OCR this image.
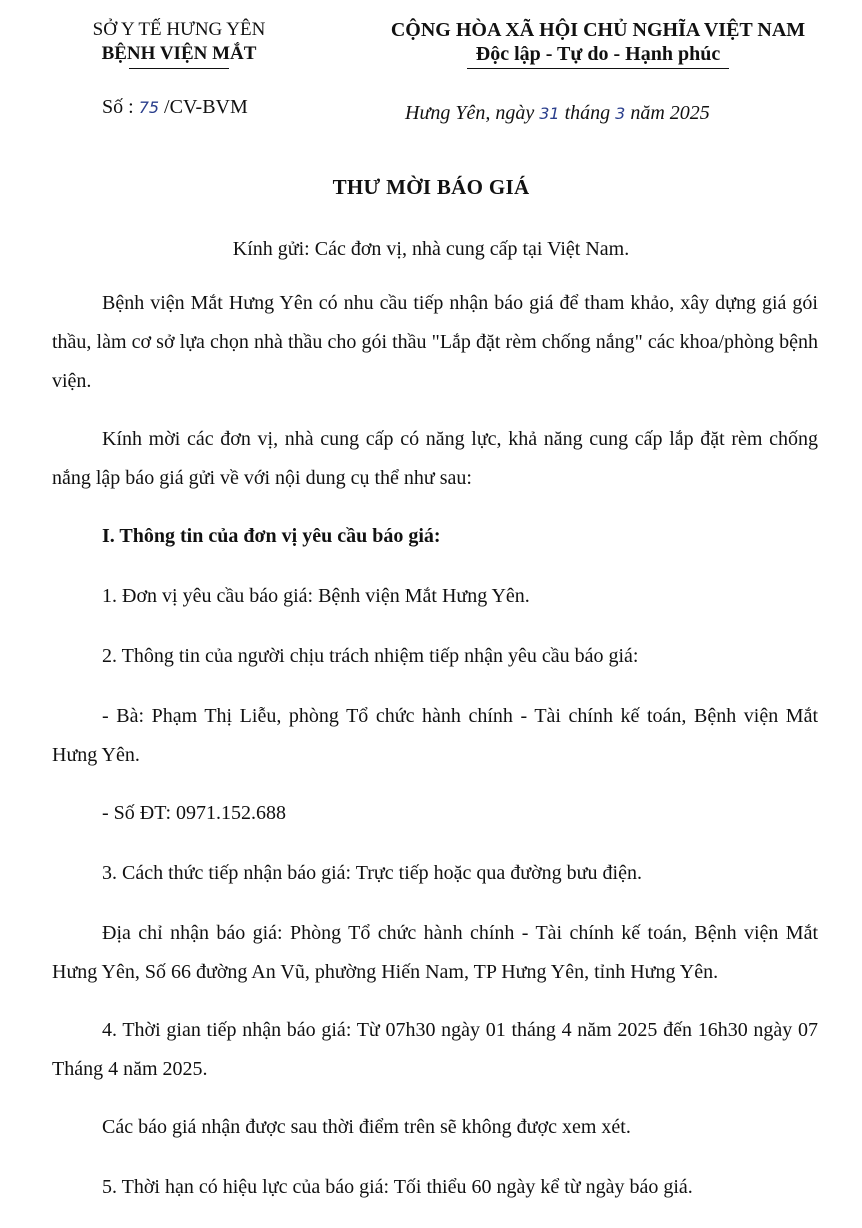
SỞ Y TẾ HƯNG YÊN
BỆNH VIỆN MẮT
CỘNG HÒA XÃ HỘI CHỦ NGHĨA VIỆT NAM
Độc lập - Tự do - Hạnh phúc
Số : 75 /CV-BVM	Hưng Yên, ngày 31 tháng 3 năm 2025
THƯ MỜI BÁO GIÁ
Kính gửi: Các đơn vị, nhà cung cấp tại Việt Nam.

Bệnh viện Mắt Hưng Yên có nhu cầu tiếp nhận báo giá để tham khảo, xây dựng giá gói thầu, làm cơ sở lựa chọn nhà thầu cho gói thầu "Lắp đặt rèm chống nắng" các khoa/phòng bệnh viện.

Kính mời các đơn vị, nhà cung cấp có năng lực, khả năng cung cấp lắp đặt rèm chống nắng lập báo giá gửi về với nội dung cụ thể như sau:

I. Thông tin của đơn vị yêu cầu báo giá:

1. Đơn vị yêu cầu báo giá: Bệnh viện Mắt Hưng Yên.

2. Thông tin của người chịu trách nhiệm tiếp nhận yêu cầu báo giá:

- Bà: Phạm Thị Liễu, phòng Tổ chức hành chính - Tài chính kế toán, Bệnh viện Mắt Hưng Yên.

- Số ĐT: 0971.152.688

3. Cách thức tiếp nhận báo giá: Trực tiếp hoặc qua đường bưu điện.

Địa chỉ nhận báo giá: Phòng Tổ chức hành chính - Tài chính kế toán, Bệnh viện Mắt Hưng Yên, Số 66 đường An Vũ, phường Hiến Nam, TP Hưng Yên, tỉnh Hưng Yên.

4. Thời gian tiếp nhận báo giá: Từ 07h30 ngày 01 tháng 4 năm 2025 đến 16h30 ngày 07 Tháng 4 năm 2025.

Các báo giá nhận được sau thời điểm trên sẽ không được xem xét.

5. Thời hạn có hiệu lực của báo giá: Tối thiểu 60 ngày kể từ ngày báo giá.
